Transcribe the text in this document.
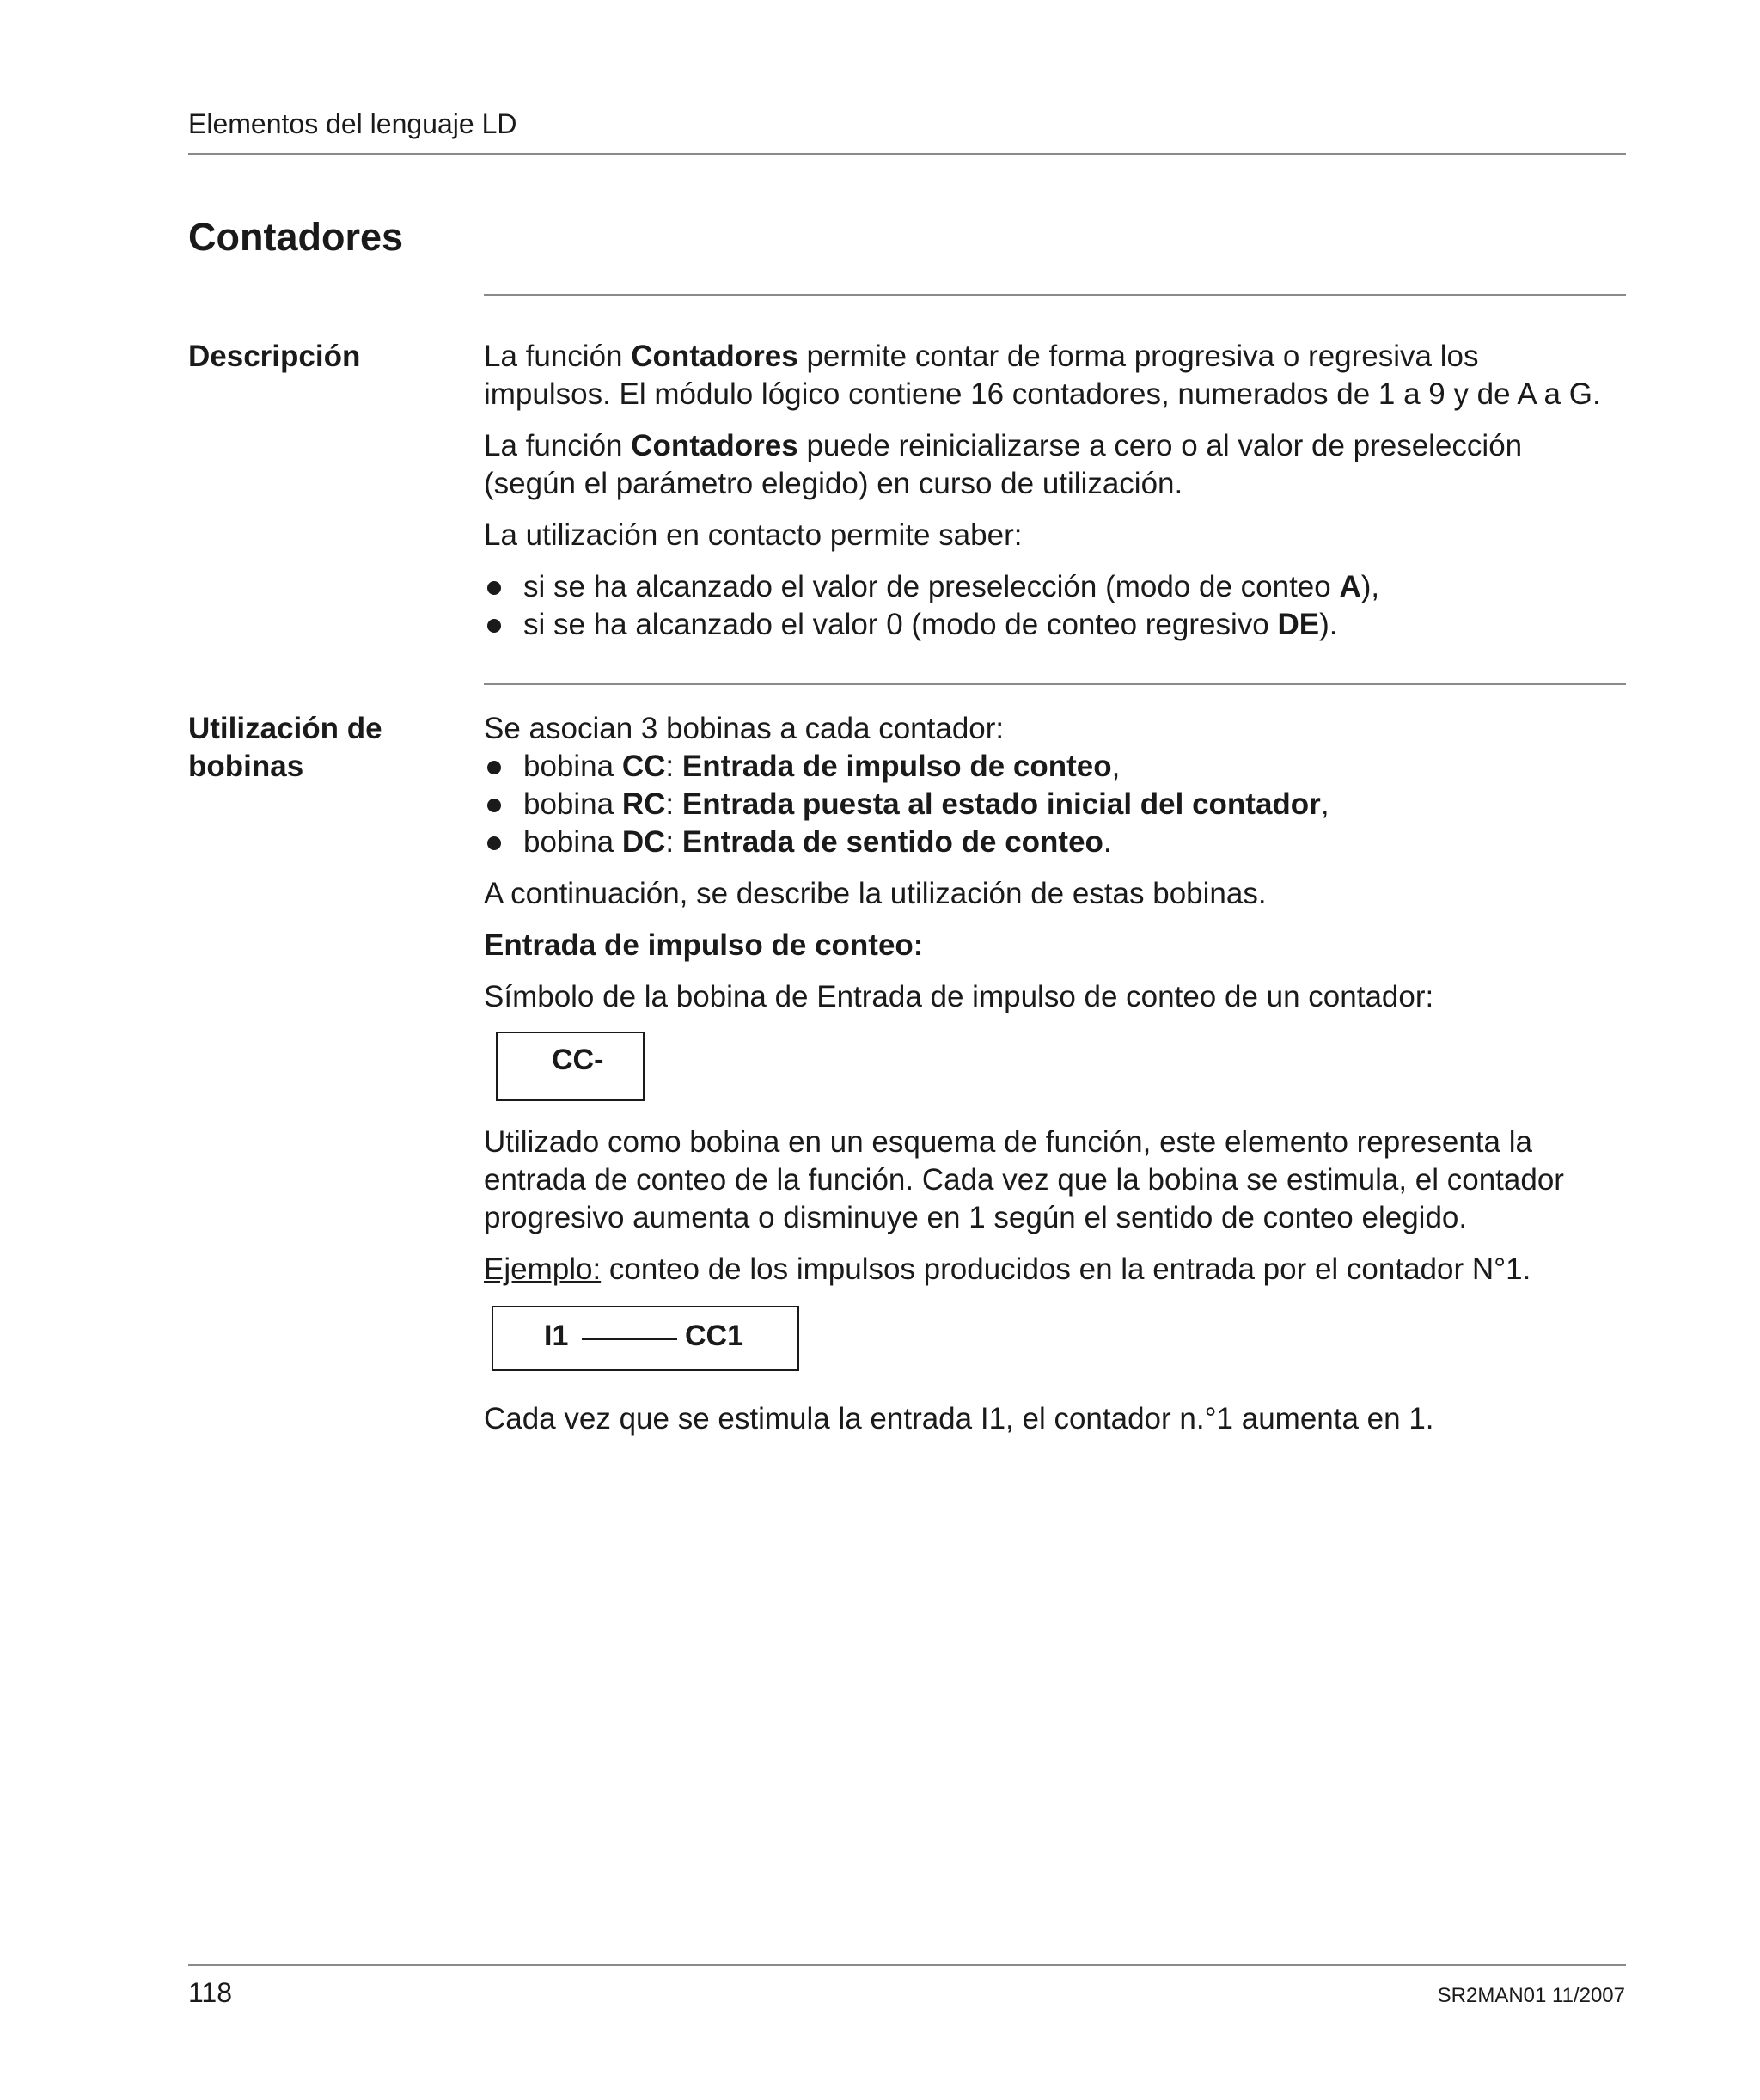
Elementos del lenguaje LD
Contadores
Descripción	La función Contadores permite contar de forma progresiva o regresiva los
impulsos. El módulo lógico contiene 16 contadores, numerados de 1 a 9 y de A a G.

La función Contadores puede reinicializarse a cero o al valor de preselección
(según el parámetro elegido) en curso de utilización.

La utilización en contacto permite saber:

si se ha alcanzado el valor de preselección (modo de conteo A),
si se ha alcanzado el valor 0 (modo de conteo regresivo DE).
Utilización de
bobinas

Se asocian 3 bobinas a cada contador:

bobina CC: Entrada de impulso de conteo,
bobina RC: Entrada puesta al estado inicial del contador,
bobina DC: Entrada de sentido de conteo.

A continuación, se describe la utilización de estas bobinas.

Entrada de impulso de conteo:

Símbolo de la bobina de Entrada de impulso de conteo de un contador:

CC-

Utilizado como bobina en un esquema de función, este elemento representa la
entrada de conteo de la función. Cada vez que la bobina se estimula, el contador
progresivo aumenta o disminuye en 1 según el sentido de conteo elegido.

Ejemplo: conteo de los impulsos producidos en la entrada por el contador N°1.

I1	CC1
Cada vez que se estimula la entrada I1, el contador n.°1 aumenta en 1.
118	SR2MAN01 11/2007
